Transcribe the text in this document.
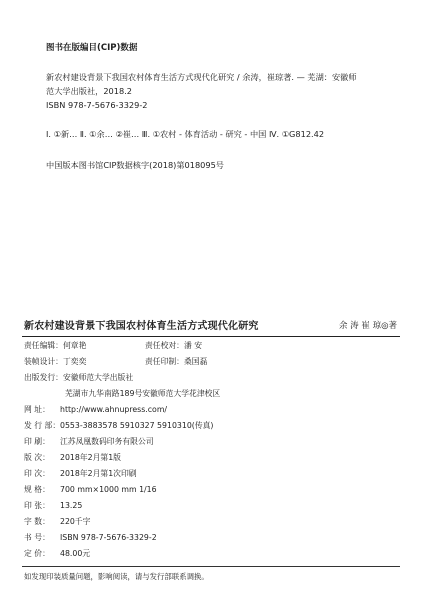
图书在版编目(CIP)数据
新农村建设背景下我国农村体育生活方式现代化研究 / 余涛，崔琼著. — 芜湖：安徽师
范大学出版社，2018.2
ISBN 978-7-5676-3329-2
Ⅰ. ①新… Ⅱ. ①余… ②崔… Ⅲ. ①农村 - 体育活动 - 研究 - 中国 Ⅳ. ①G812.42
中国版本图书馆CIP数据核字(2018)第018095号
新农村建设背景下我国农村体育生活方式现代化研究	余 涛 崔 琼◎著
责任编辑：何章艳	责任校对：潘 安
装帧设计：丁奕奕	责任印制：桑国磊
出版发行：安徽师范大学出版社
芜湖市九华南路189号安徽师范大学花津校区
网 址： http://www.ahnupress.com/
发 行 部：0553-3883578 5910327 5910310(传真)
印 刷： 江苏凤凰数码印务有限公司
版 次： 2018年2月第1版
印 次： 2018年2月第1次印刷
规 格： 700 mm×1000 mm 1/16
印 张： 13.25
字 数： 220千字
书 号： ISBN 978-7-5676-3329-2
定 价： 48.00元
如发现印装质量问题，影响阅读，请与发行部联系调换。
